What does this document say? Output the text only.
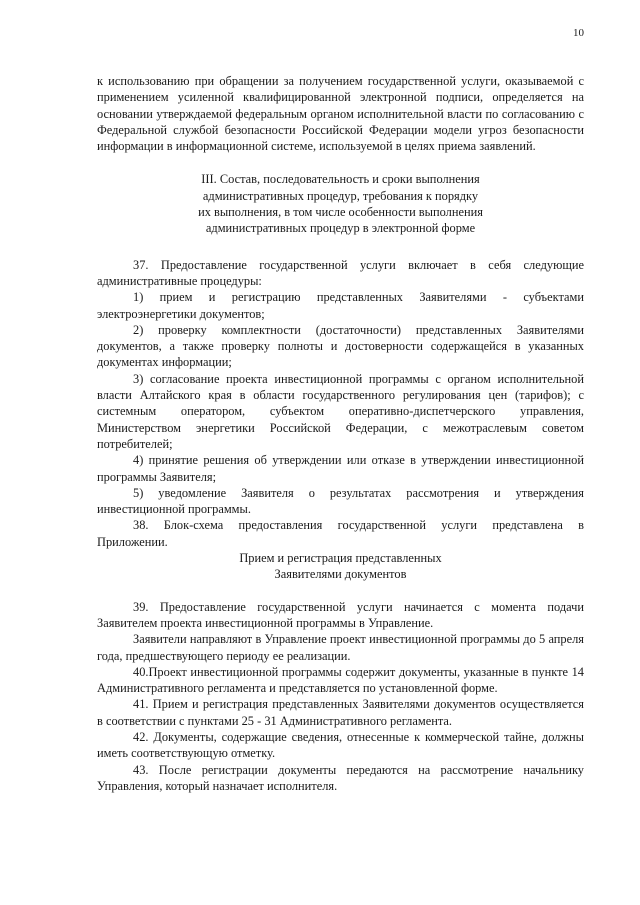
10

к использованию при обращении за получением государственной услуги, оказываемой с применением усиленной квалифицированной электронной подписи, определяется на основании утверждаемой федеральным органом исполнительной власти по согласованию с Федеральной службой безопасности Российской Федерации модели угроз безопасности информации в информационной системе, используемой в целях приема заявлений.

III. Состав, последовательность и сроки выполнения
административных процедур, требования к порядку
их выполнения, в том числе особенности выполнения
административных процедур в электронной форме

37. Предоставление государственной услуги включает в себя следующие административные процедуры:

1) прием и регистрацию представленных Заявителями - субъектами электроэнергетики документов;

2) проверку комплектности (достаточности) представленных Заявителями документов, а также проверку полноты и достоверности содержащейся в указанных документах информации;

3) согласование проекта инвестиционной программы с органом исполнительной власти Алтайского края в области государственного регулирования цен (тарифов); с системным оператором, субъектом оперативно-диспетчерского управления, Министерством энергетики Российской Федерации, с межотраслевым советом потребителей;

4) принятие решения об утверждении или отказе в утверждении инвестиционной программы Заявителя;

5) уведомление Заявителя о результатах рассмотрения и утверждения инвестиционной программы.

38. Блок-схема предоставления государственной услуги представлена в Приложении.

Прием и регистрация представленных
Заявителями документов

39. Предоставление государственной услуги начинается с момента подачи Заявителем проекта инвестиционной программы в Управление.

Заявители направляют в Управление проект инвестиционной программы до 5 апреля года, предшествующего периоду ее реализации.

40.Проект инвестиционной программы содержит документы, указанные в пункте 14 Административного регламента и представляется по установленной форме.

41. Прием и регистрация представленных Заявителями документов осуществляется в соответствии с пунктами 25 - 31 Административного регламента.

42. Документы, содержащие сведения, отнесенные к коммерческой тайне, должны иметь соответствующую отметку.

43. После регистрации документы передаются на рассмотрение начальнику Управления, который назначает исполнителя.
